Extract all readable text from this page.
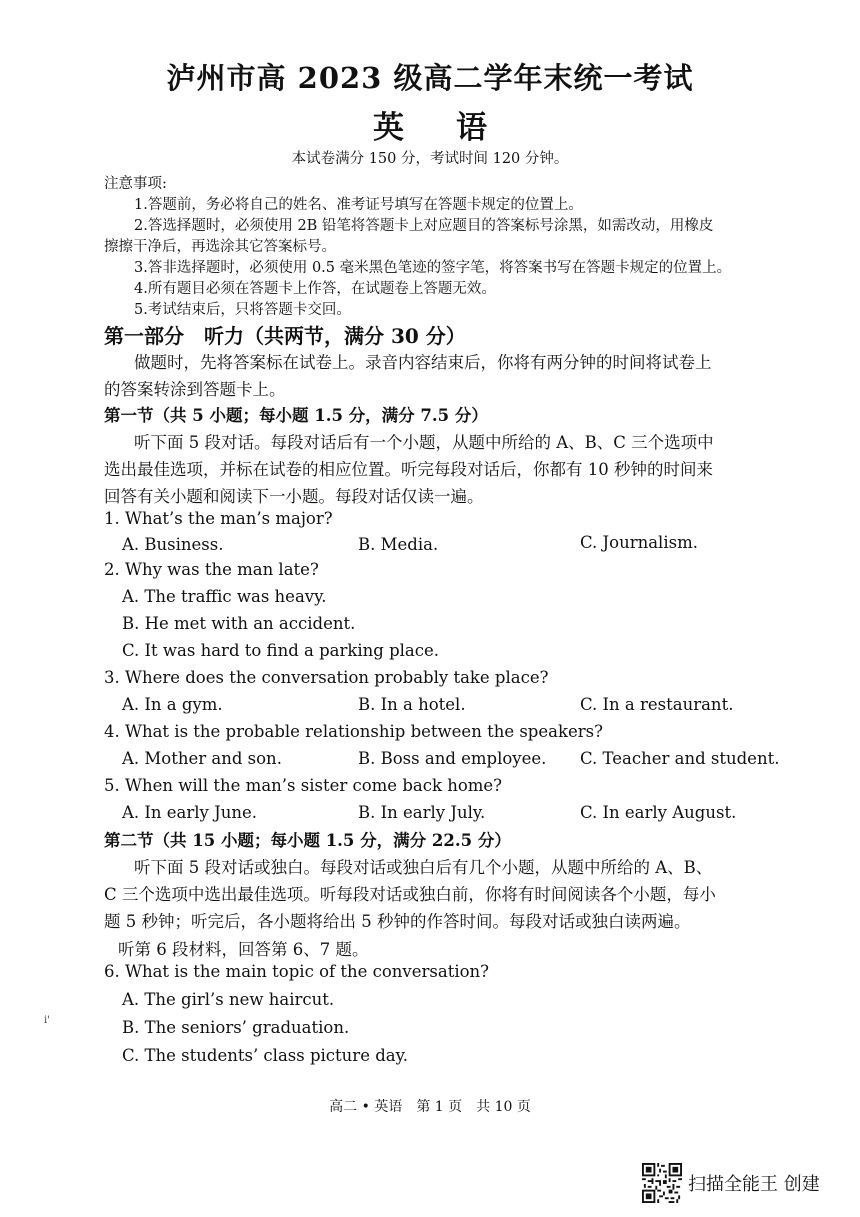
泸州市高 2023 级高二学年末统一考试
英语
本试卷满分 150 分，考试时间 120 分钟。
注意事项:
1.答题前，务必将自己的姓名、准考证号填写在答题卡规定的位置上。
2.答选择题时，必须使用 2B 铅笔将答题卡上对应题目的答案标号涂黑，如需改动，用橡皮
擦擦干净后，再选涂其它答案标号。
3.答非选择题时，必须使用 0.5 毫米黑色笔迹的签字笔，将答案书写在答题卡规定的位置上。
4.所有题目必须在答题卡上作答，在试题卷上答题无效。
5.考试结束后，只将答题卡交回。
第一部分　听力（共两节，满分 30 分）
做题时，先将答案标在试卷上。录音内容结束后，你将有两分钟的时间将试卷上
的答案转涂到答题卡上。
第一节（共 5 小题；每小题 1.5 分，满分 7.5 分）
听下面 5 段对话。每段对话后有一个小题，从题中所给的 A、B、C 三个选项中
选出最佳选项，并标在试卷的相应位置。听完每段对话后，你都有 10 秒钟的时间来
回答有关小题和阅读下一小题。每段对话仅读一遍。
1. What’s the man’s major?
A. Business.	B. Media.	C. Journalism.
2. Why was the man late?
A. The traffic was heavy.
B. He met with an accident.
C. It was hard to find a parking place.
3. Where does the conversation probably take place?
A. In a gym.	B. In a hotel.	C. In a restaurant.
4. What is the probable relationship between the speakers?
A. Mother and son.	B. Boss and employee. C. Teacher and student.
5. When will the man’s sister come back home?
A. In early June.	B. In early July.	C. In early August.
第二节（共 15 小题；每小题 1.5 分，满分 22.5 分）
听下面 5 段对话或独白。每段对话或独白后有几个小题，从题中所给的 A、B、
C 三个选项中选出最佳选项。听每段对话或独白前，你将有时间阅读各个小题，每小
题 5 秒钟；听完后，各小题将给出 5 秒钟的作答时间。每段对话或独白读两遍。
听第 6 段材料，回答第 6、7 题。
6. What is the main topic of the conversation?
A. The girl’s new haircut.
B. The seniors’ graduation.
C. The students’ class picture day.
i'
高二 • 英语　第 1 页　共 10 页
扫描全能王 创建
